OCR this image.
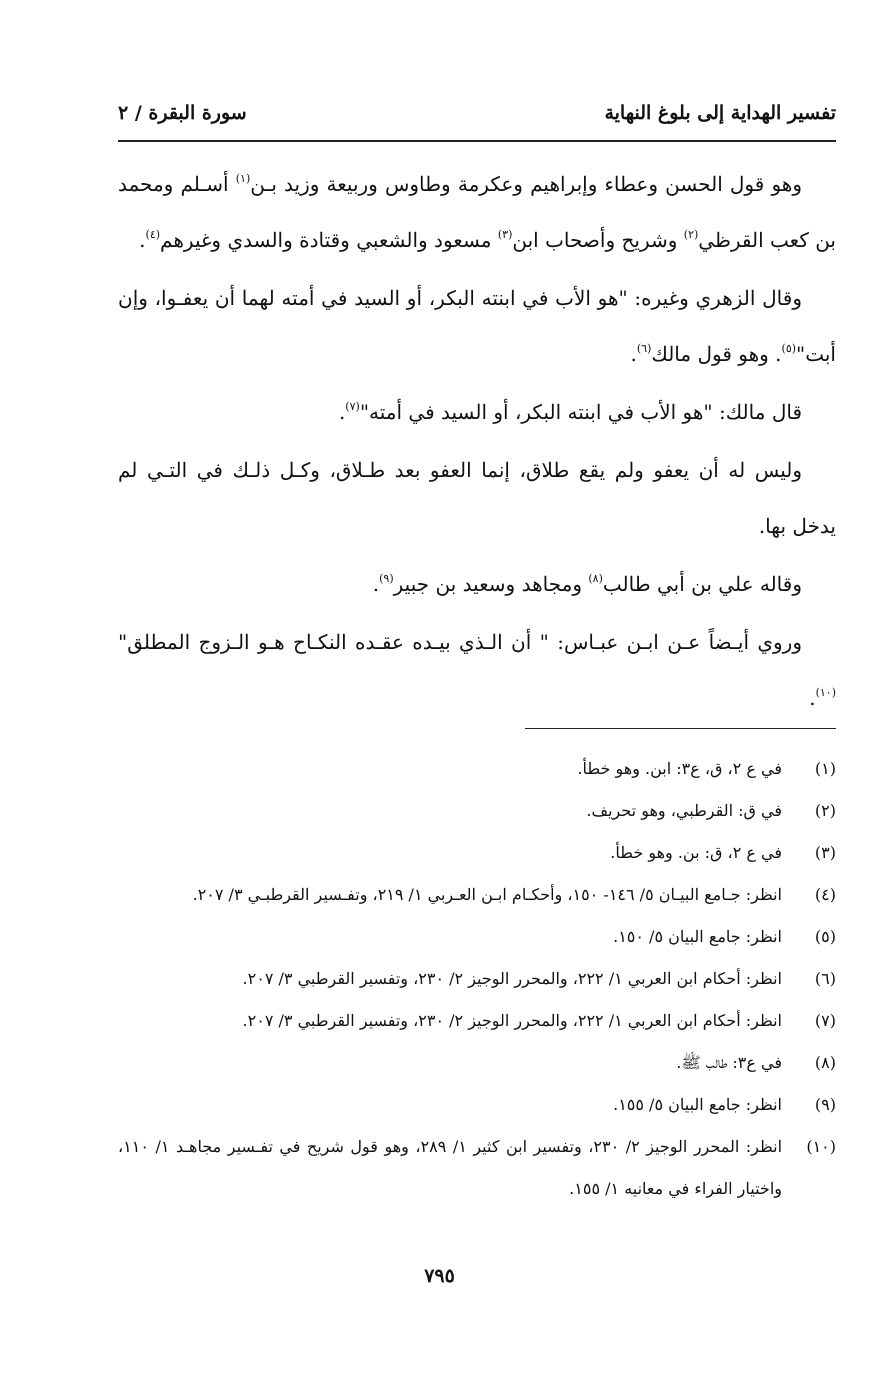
تفسير الهداية إلى بلوغ النهاية
سورة البقرة / ٢

وهو قول الحسن وعطاء وإبراهيم وعكرمة وطاوس وربيعة وزيد بـن$^{(١)}$ أسـلم ومحمد بن كعب القرظي$^{(٢)}$ وشريح وأصحاب ابن$^{(٣)}$ مسعود والشعبي وقتادة والسدي وغيرهم$^{(٤)}$.

وقال الزهري وغيره: "هو الأب في ابنته البكر، أو السيد في أمته لهما أن يعفـوا، وإن أبت"$^{(٥)}$. وهو قول مالك$^{(٦)}$.

قال مالك: "هو الأب في ابنته البكر، أو السيد في أمته"$^{(٧)}$.

وليس له أن يعفو ولم يقع طلاق، إنما العفو بعد طـلاق، وكـل ذلـك في التـي لم يدخل بها.

وقاله علي بن أبي طالب$^{(٨)}$ ومجاهد وسعيد بن جبير$^{(٩)}$.

وروي أيـضاً عـن ابـن عبـاس: " أن الـذي بيـده عقـده النكـاح هـو الـزوج المطلق"$^{(١٠)}$.

(١)
في ع ٢، ق، ع٣: ابن. وهو خطأ.
(٢)
في ق: القرطبي، وهو تحريف.
(٣)
في ع ٢، ق: بن. وهو خطأ.
(٤)
انظر: جـامع البيـان ٥/ ١٤٦- ١٥٠، وأحكـام ابـن العـربي ١/ ٢١٩، وتفـسير القرطبـي ٣/ ٢٠٧.
(٥)
انظر: جامع البيان ٥/ ١٥٠.
(٦)
انظر: أحكام ابن العربي ١/ ٢٢٢، والمحرر الوجيز ٢/ ٢٣٠، وتفسير القرطبي ٣/ ٢٠٧.
(٧)
انظر: أحكام ابن العربي ١/ ٢٢٢، والمحرر الوجيز ٢/ ٢٣٠، وتفسير القرطبي ٣/ ٢٠٧.
(٨)
في ع٣: طالب ﷺ.
(٩)
انظر: جامع البيان ٥/ ١٥٥.
(١٠)
انظر: المحرر الوجيز ٢/ ٢٣٠، وتفسير ابن كثير ١/ ٢٨٩، وهو قول شريح في تفـسير مجاهـد ١/ ١١٠، واختيار الفراء في معانيه ١/ ١٥٥.
٧٩٥
